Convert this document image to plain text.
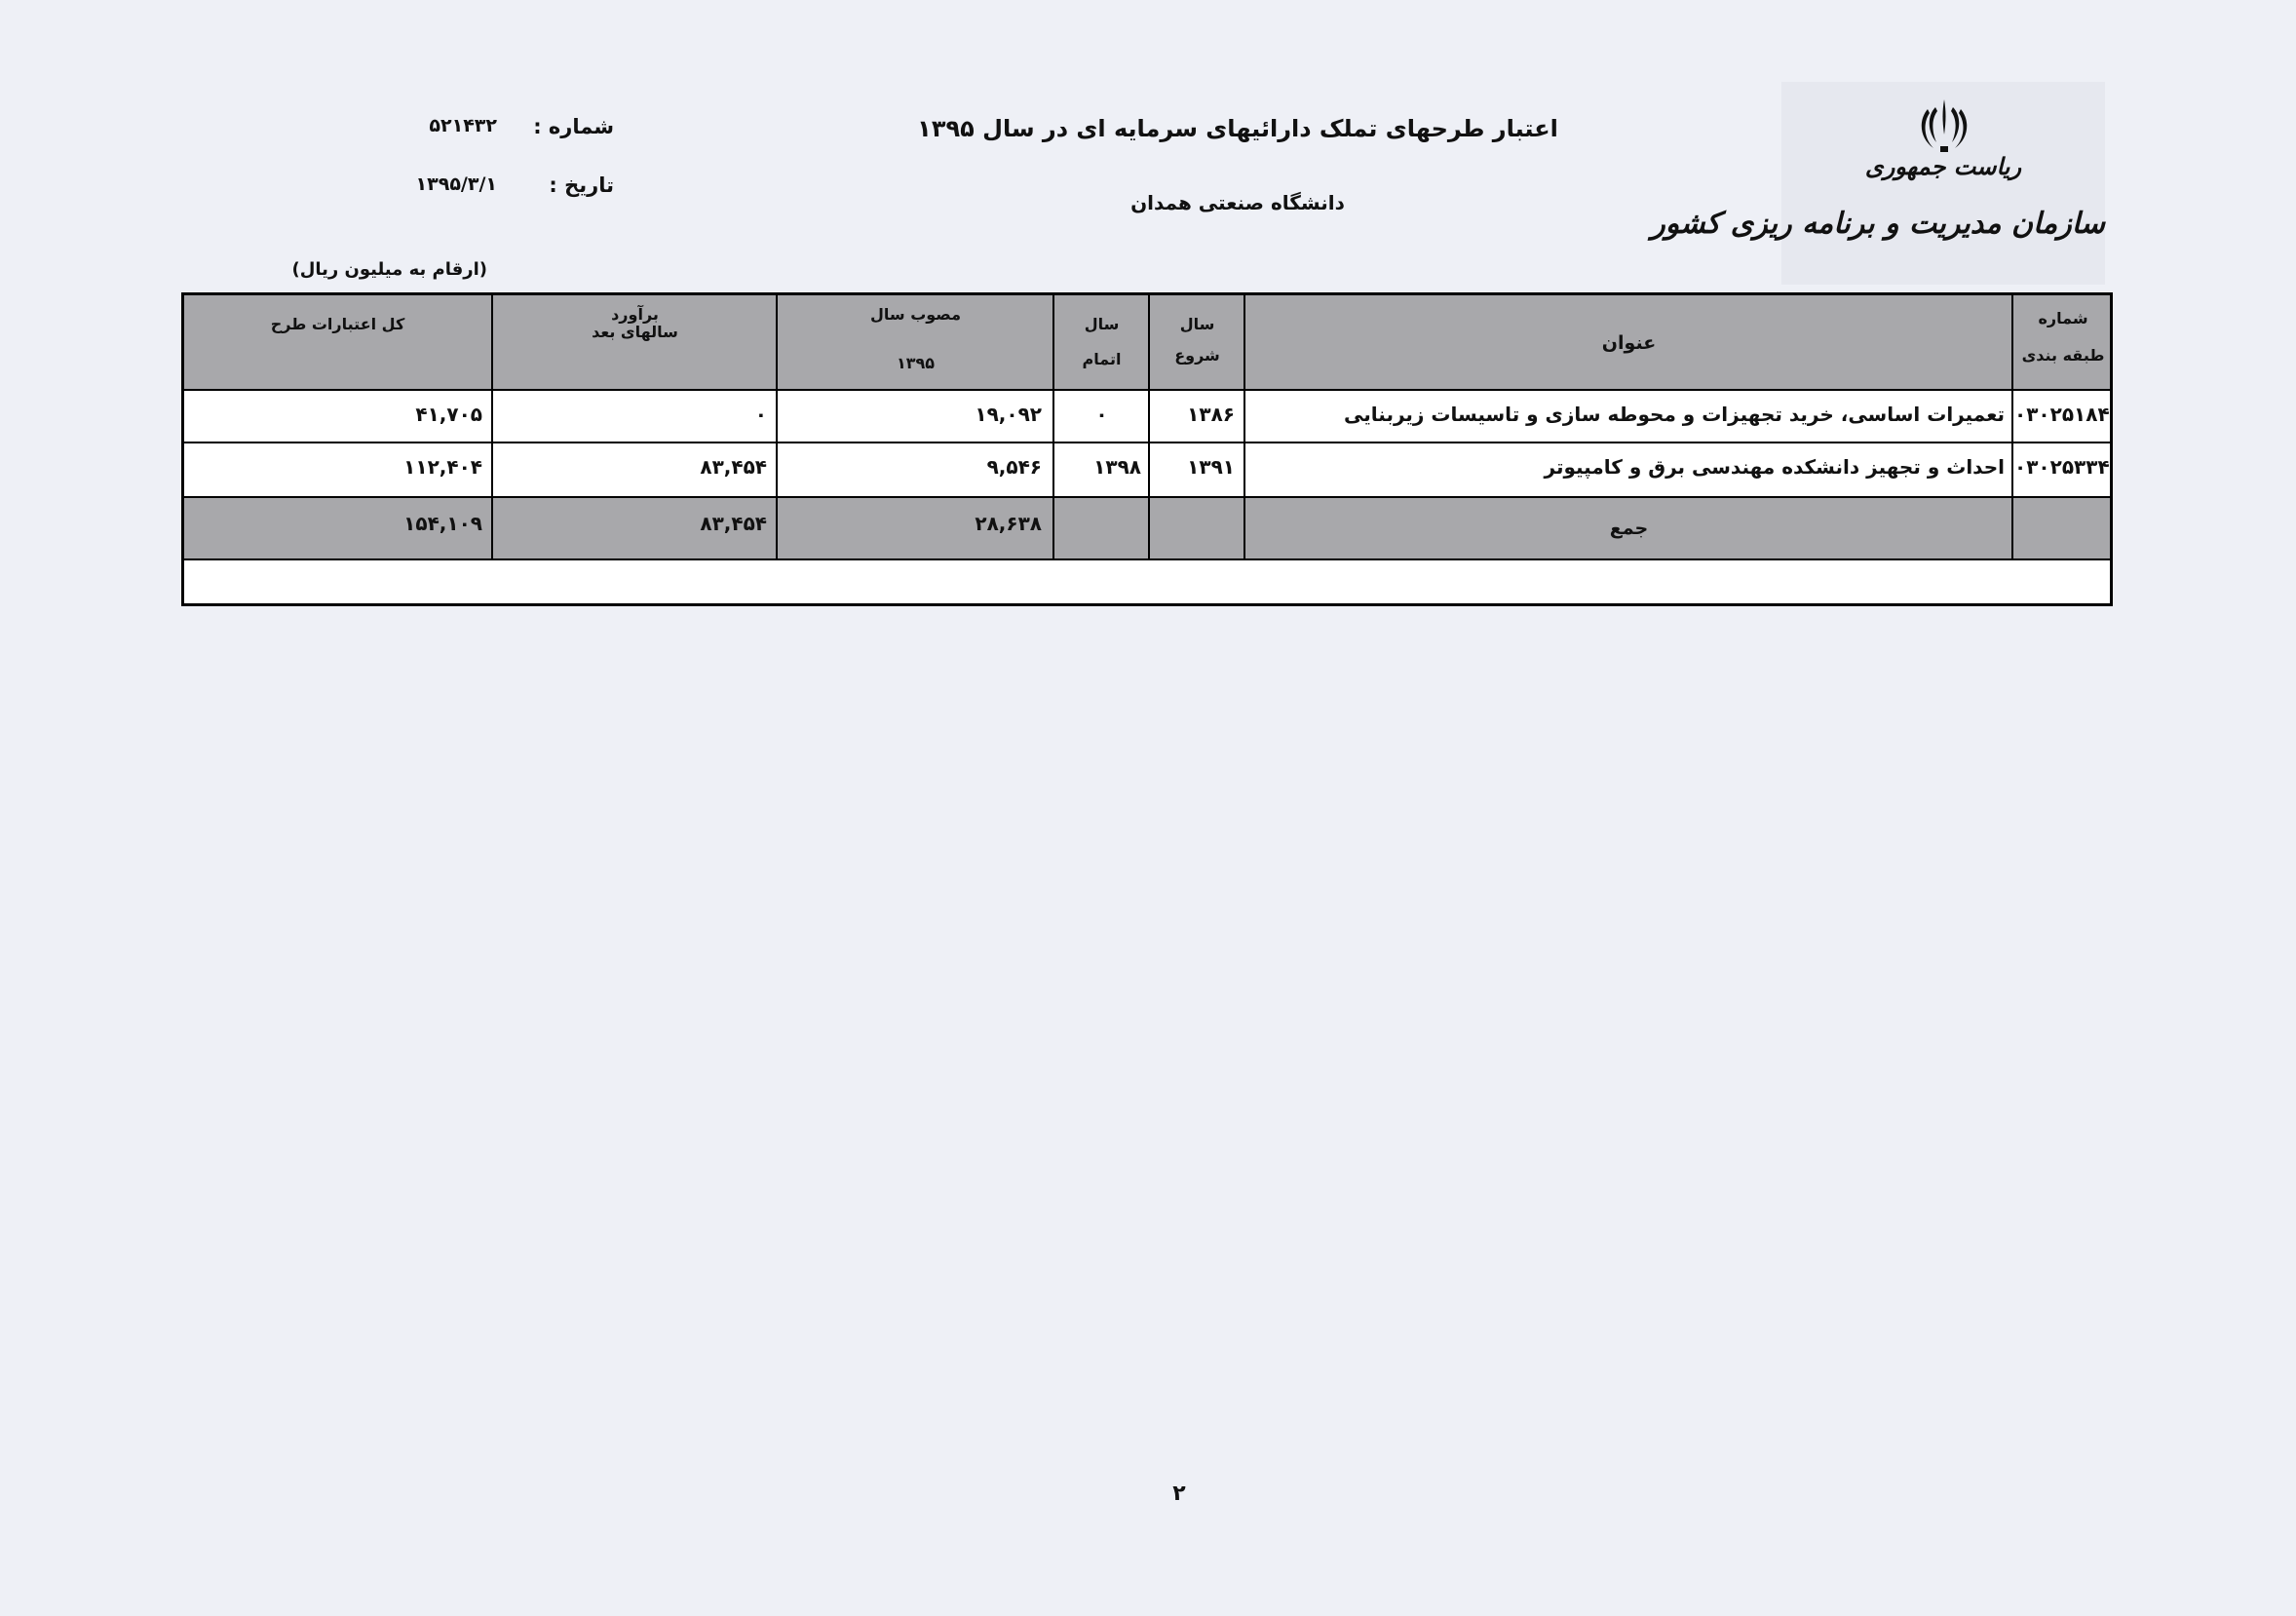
ریاست جمهوری
سازمان مدیریت و برنامه ریزی کشور
اعتبار طرحهای تملک دارائیهای سرمایه ای در سال ۱۳۹۵
دانشگاه صنعتی همدان
شماره :
۵۲۱۴۳۲
تاریخ :
۱۳۹۵/۳/۱
(ارقام به میلیون ریال)
شماره
طبقه بندی
عنوان
سال
شروع
سال
اتمام
مصوب سال
۱۳۹۵
برآورد
سالهای بعد
کل اعتبارات طرح
۰۳۰۲۵۱۸۴
تعمیرات اساسی، خرید تجهیزات و محوطه سازی و تاسیسات زیربنایی
۱۳۸۶
۰
۱۹,۰۹۲
۰
۴۱,۷۰۵
۰۳۰۲۵۳۳۴
احداث و تجهیز دانشکده مهندسی برق و کامپیوتر
۱۳۹۱
۱۳۹۸
۹,۵۴۶
۸۳,۴۵۴
۱۱۲,۴۰۴
جمع
۲۸,۶۳۸
۸۳,۴۵۴
۱۵۴,۱۰۹
۲
